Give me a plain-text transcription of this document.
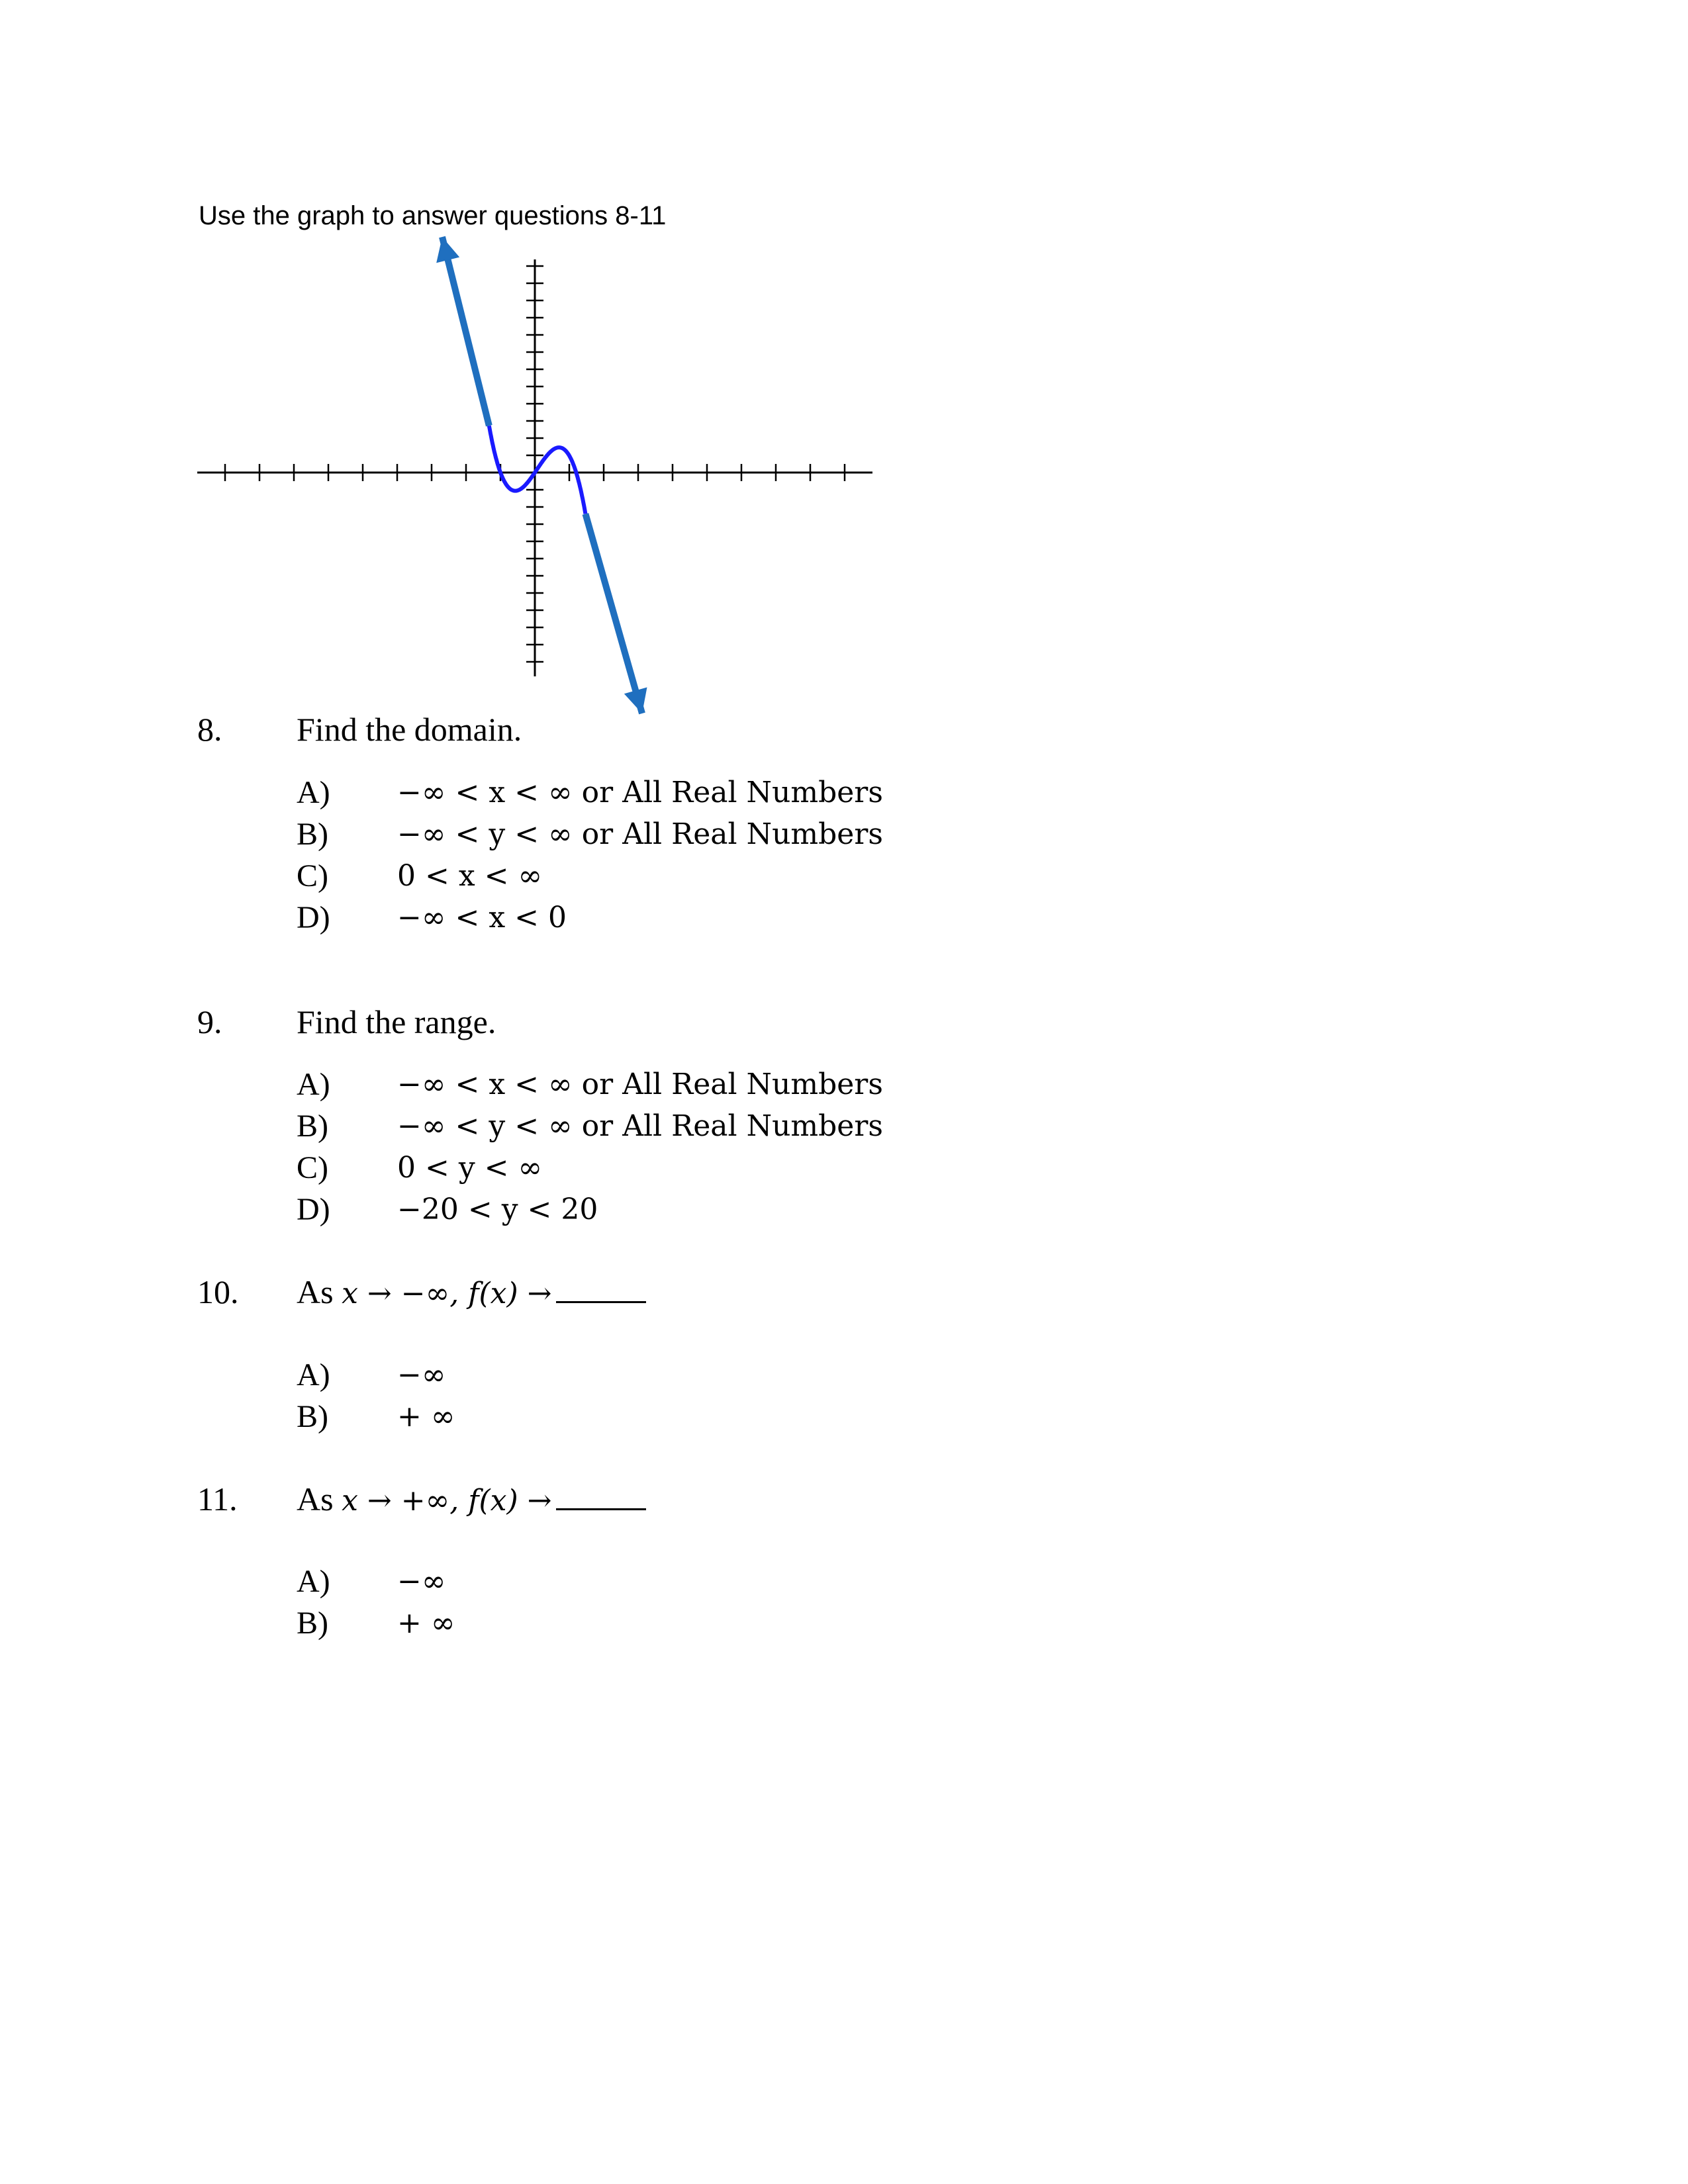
Use the graph to answer questions 8-11
8. Find the domain.
A) −∞ < x < ∞ or All Real Numbers
B) −∞ < y < ∞ or All Real Numbers
C) 0 < x < ∞
D) −∞ < x < 0
9. Find the range.
A) −∞ < x < ∞ or All Real Numbers
B) −∞ < y < ∞ or All Real Numbers
C) 0 < y < ∞
D) −20 < y < 20
10. As x → −∞, f(x) →
A) −∞
B) + ∞
11. As x → +∞, f(x) →
A) −∞
B) + ∞
